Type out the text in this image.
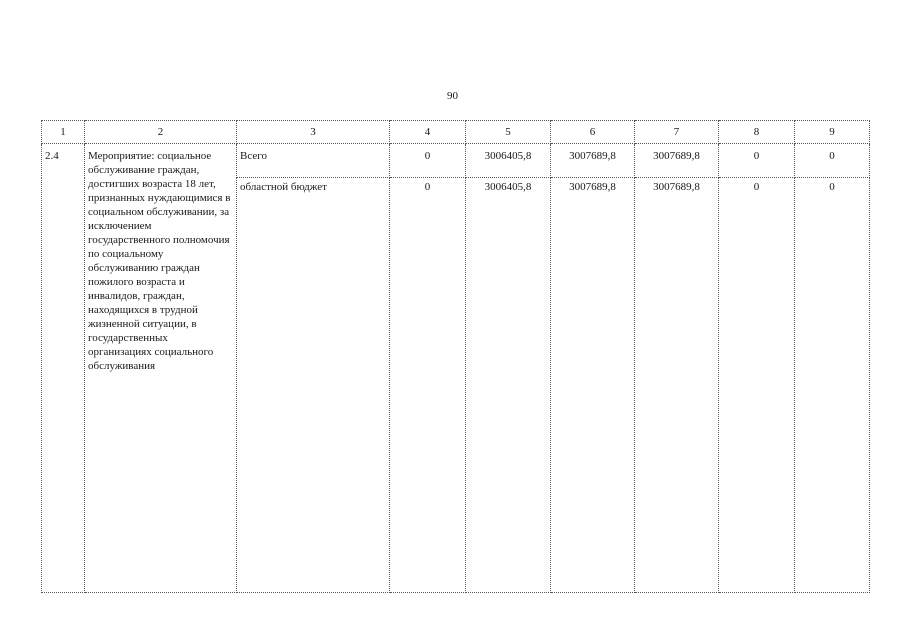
90
1	2	3	4	5	6	7	8	9
2.4	Мероприятие: социальное обслуживание граждан, достигших возраста 18 лет, признанных нуждающимися в социальном обслуживании, за исключением государственного полномочия по социальному обслуживанию граждан пожилого возраста и инвалидов, граждан, находящихся в трудной жизненной ситуации, в государственных организациях социального обслуживания	Всего	0	3006405,8	3007689,8	3007689,8	0	0
		областной бюджет	0	3006405,8	3007689,8	3007689,8	0	0
